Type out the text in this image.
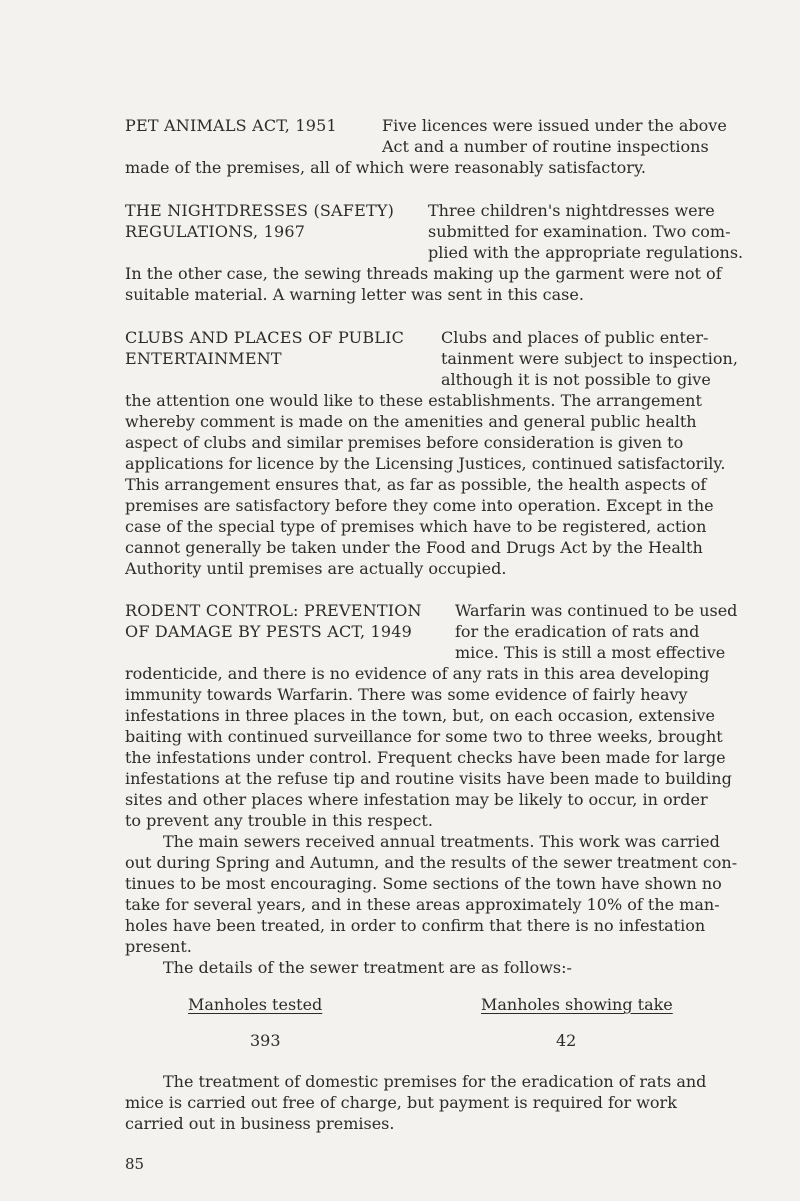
PET ANIMALS ACT, 1951	Five licences were issued under the above
Act and a number of routine inspections
made of the premises, all of which were reasonably satisfactory.
THE NIGHTDRESSES (SAFETY)
REGULATIONS, 1967
Three children's nightdresses were
submitted for examination. Two com-
plied with the appropriate regulations.
In the other case, the sewing threads making up the garment were not of
suitable material. A warning letter was sent in this case.
CLUBS AND PLACES OF PUBLIC
ENTERTAINMENT
Clubs and places of public enter-
tainment were subject to inspection,
although it is not possible to give
the attention one would like to these establishments. The arrangement
whereby comment is made on the amenities and general public health
aspect of clubs and similar premises before consideration is given to
applications for licence by the Licensing Justices, continued satisfactorily.
This arrangement ensures that, as far as possible, the health aspects of
premises are satisfactory before they come into operation. Except in the
case of the special type of premises which have to be registered, action
cannot generally be taken under the Food and Drugs Act by the Health
Authority until premises are actually occupied.
RODENT CONTROL: PREVENTION
OF DAMAGE BY PESTS ACT, 1949
Warfarin was continued to be used
for the eradication of rats and
mice. This is still a most effective
rodenticide, and there is no evidence of any rats in this area developing
immunity towards Warfarin. There was some evidence of fairly heavy
infestations in three places in the town, but, on each occasion, extensive
baiting with continued surveillance for some two to three weeks, brought
the infestations under control. Frequent checks have been made for large
infestations at the refuse tip and routine visits have been made to building
sites and other places where infestation may be likely to occur, in order
to prevent any trouble in this respect.
The main sewers received annual treatments. This work was carried
out during Spring and Autumn, and the results of the sewer treatment con-
tinues to be most encouraging. Some sections of the town have shown no
take for several years, and in these areas approximately 10% of the man-
holes have been treated, in order to confirm that there is no infestation
present.
The details of the sewer treatment are as follows:-
Manholes tested	Manholes showing take
393	42
The treatment of domestic premises for the eradication of rats and
mice is carried out free of charge, but payment is required for work
carried out in business premises.
85
